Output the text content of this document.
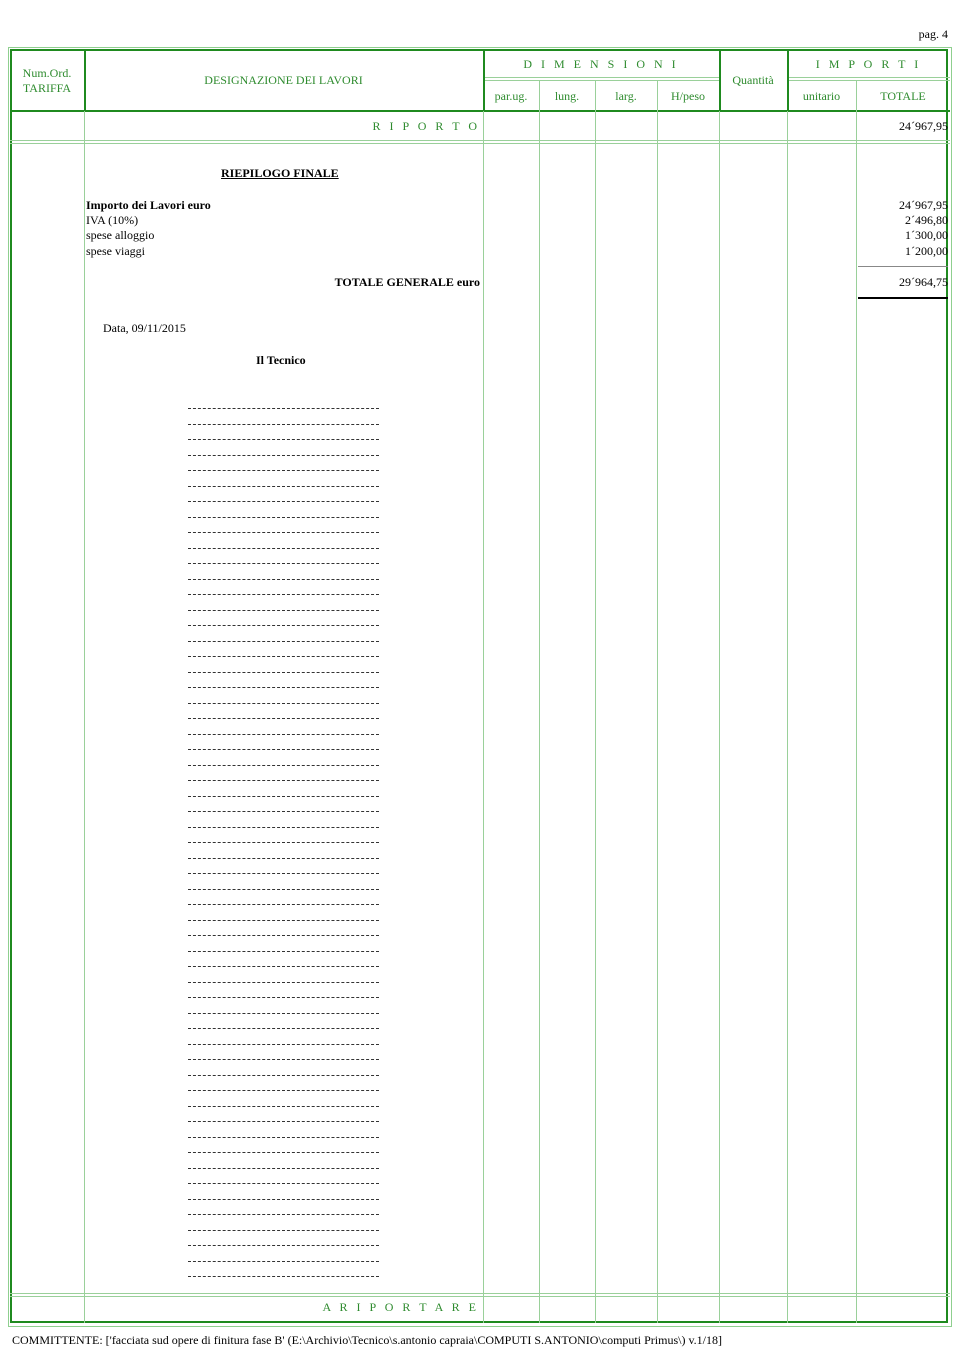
pag. 4
Num.Ord.
TARIFFA
DESIGNAZIONE DEI LAVORI
D I M E N S I O N I
par.ug.	lung.	larg.	H/peso
Quantità
I M P O R T I
unitario	TOTALE
R I P O R T O	24´967,95
RIEPILOGO FINALE
Importo dei Lavori euro	24´967,95
IVA (10%)	2´496,80
spese alloggio	1´300,00
spese viaggi	1´200,00
TOTALE GENERALE euro	29´964,75
Data, 09/11/2015
Il Tecnico
A R I P O R T A R E
COMMITTENTE: ['facciata sud opere di finitura fase B' (E:\Archivio\Tecnico\s.antonio capraia\COMPUTI S.ANTONIO\computi Primus\) v.1/18]
